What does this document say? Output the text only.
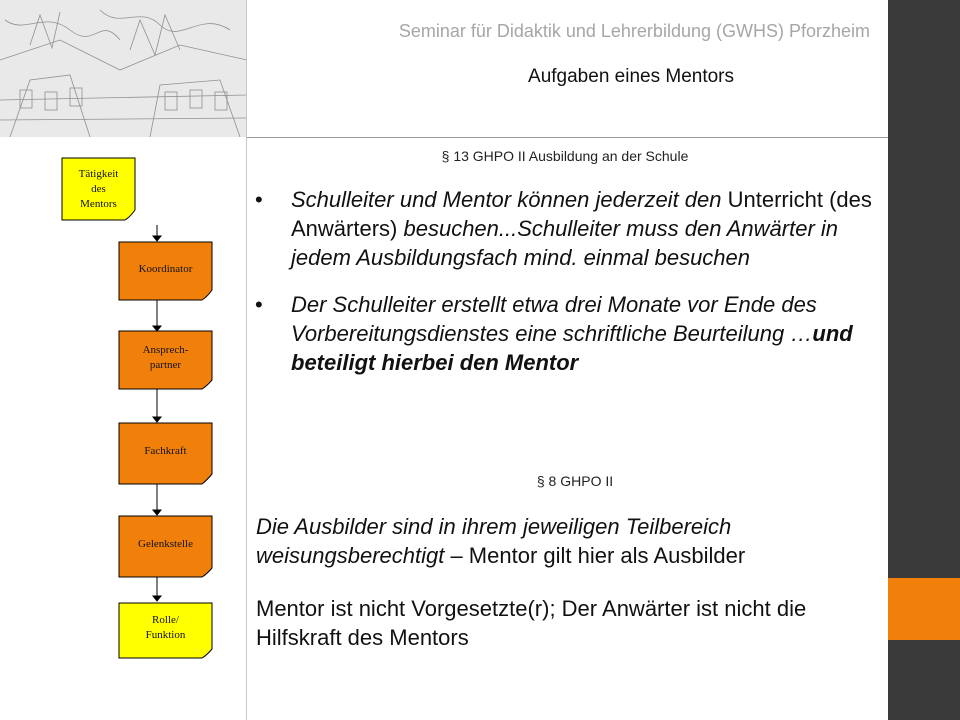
Seminar für Didaktik und Lehrerbildung (GWHS) Pforzheim
Aufgaben eines Mentors
Tätigkeit
des
Mentors
Koordinator
Ansprech-
partner
Fachkraft
Gelenkstelle
Rolle/
Funktion
§ 13 GHPO II Ausbildung an der Schule
• Schulleiter und Mentor können jederzeit den Unterricht (des Anwärters) besuchen...Schulleiter muss den Anwärter in jedem Ausbildungsfach mind. einmal besuchen
• Der Schulleiter erstellt etwa drei Monate vor Ende des Vorbereitungsdienstes eine schriftliche Beurteilung …und beteiligt hierbei den Mentor
§ 8 GHPO II
Die Ausbilder sind in ihrem jeweiligen Teilbereich weisungsberechtigt – Mentor gilt hier als Ausbilder
Mentor ist nicht Vorgesetzte(r); Der Anwärter ist nicht die Hilfskraft des Mentors
